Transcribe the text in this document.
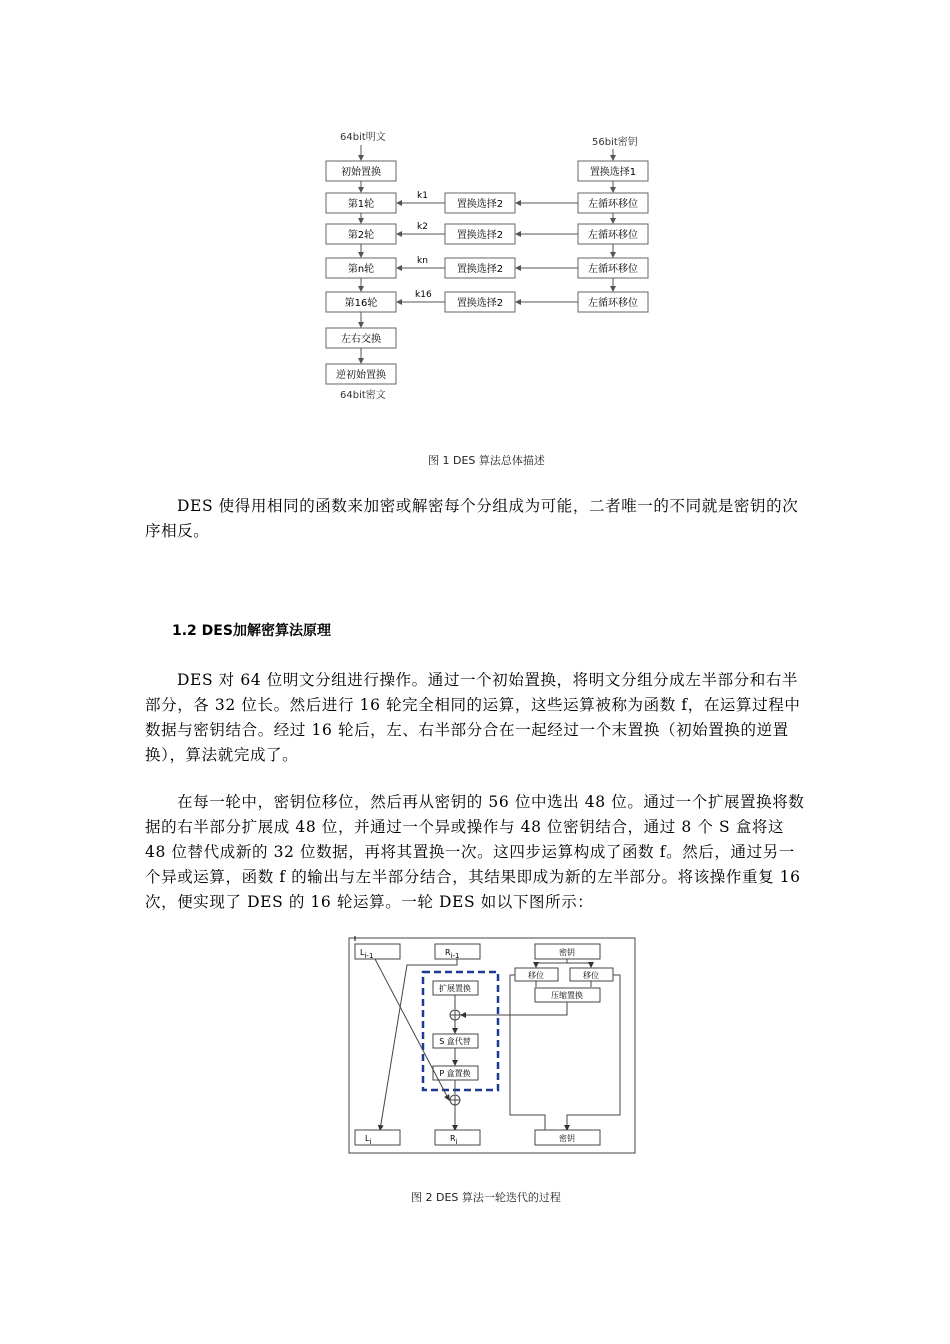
64bit明文	56bit密钥
初始置换
第1轮
第2轮
第n轮
第16轮
左右交换
逆初始置换
64bit密文
置换选择2
置换选择2
置换选择2
置换选择2
k1
k2
kn
k16
置换选择1
左循环移位
左循环移位
左循环移位
左循环移位
图 1 DES 算法总体描述

DES 使得用相同的函数来加密或解密每个分组成为可能，二者唯一的不同就是密钥的次序相反。

1.2 DES加解密算法原理

DES 对 64 位明文分组进行操作。通过一个初始置换，将明文分组分成左半部分和右半部分，各 32 位长。然后进行 16 轮完全相同的运算，这些运算被称为函数 f，在运算过程中数据与密钥结合。经过 16 轮后，左、右半部分合在一起经过一个末置换（初始置换的逆置换），算法就完成了。

在每一轮中，密钥位移位，然后再从密钥的 56 位中选出 48 位。通过一个扩展置换将数据的右半部分扩展成 48 位，并通过一个异或操作与 48 位密钥结合，通过 8 个 S 盒将这 48 位替代成新的 32 位数据，再将其置换一次。这四步运算构成了函数 f。然后，通过另一个异或运算，函数 f 的输出与左半部分结合，其结果即成为新的左半部分。将该操作重复 16 次，便实现了 DES 的 16 轮运算。一轮 DES 如以下图所示：

Li-1	Ri-1	密钥
移位	移位
压缩置换
扩展置换
S 盒代替
P 盒置换
Li	Ri	密钥
图 2 DES 算法一轮迭代的过程
